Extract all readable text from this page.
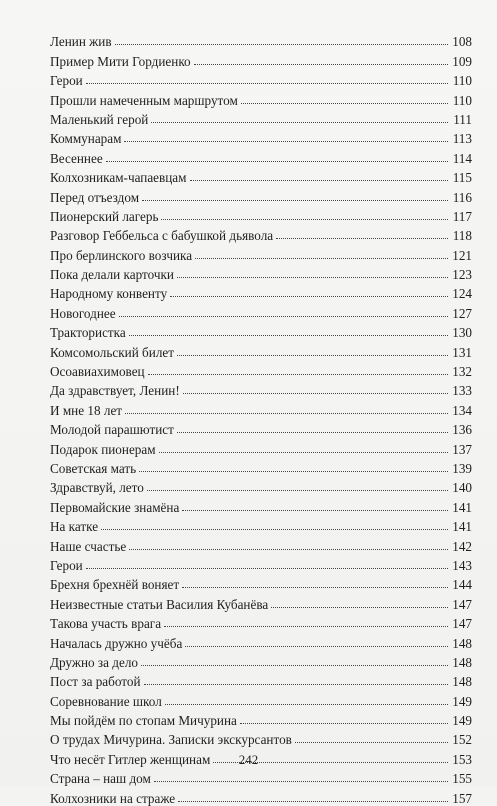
Ленин жив	108
Пример Мити Гордиенко	109
Герои	110
Прошли намеченным маршрутом	110
Маленький герой	111
Коммунарам	113
Весеннее	114
Колхозникам-чапаевцам	115
Перед отъездом	116
Пионерский лагерь	117
Разговор Геббельса с бабушкой дьявола	118
Про берлинского возчика	121
Пока делали карточки	123
Народному конвенту	124
Новогоднее	127
Трактористка	130
Комсомольский билет	131
Осоавиахимовец	132
Да здравствует, Ленин!	133
И мне 18 лет	134
Молодой парашютист	136
Подарок пионерам	137
Советская мать	139
Здравствуй, лето	140
Первомайские знамёна	141
На катке	141
Наше счастье	142
Герои	143
Брехня брехнёй воняет	144
Неизвестные статьи Василия Кубанёва	147
Такова участь врага	147
Началась дружно учёба	148
Дружно за дело	148
Пост за работой	148
Соревнование школ	149
Мы пойдём по стопам Мичурина	149
О трудах Мичурина. Записки экскурсантов	152
Что несёт Гитлер женщинам	153
Страна – наш дом	155
Колхозники на страже	157
242
